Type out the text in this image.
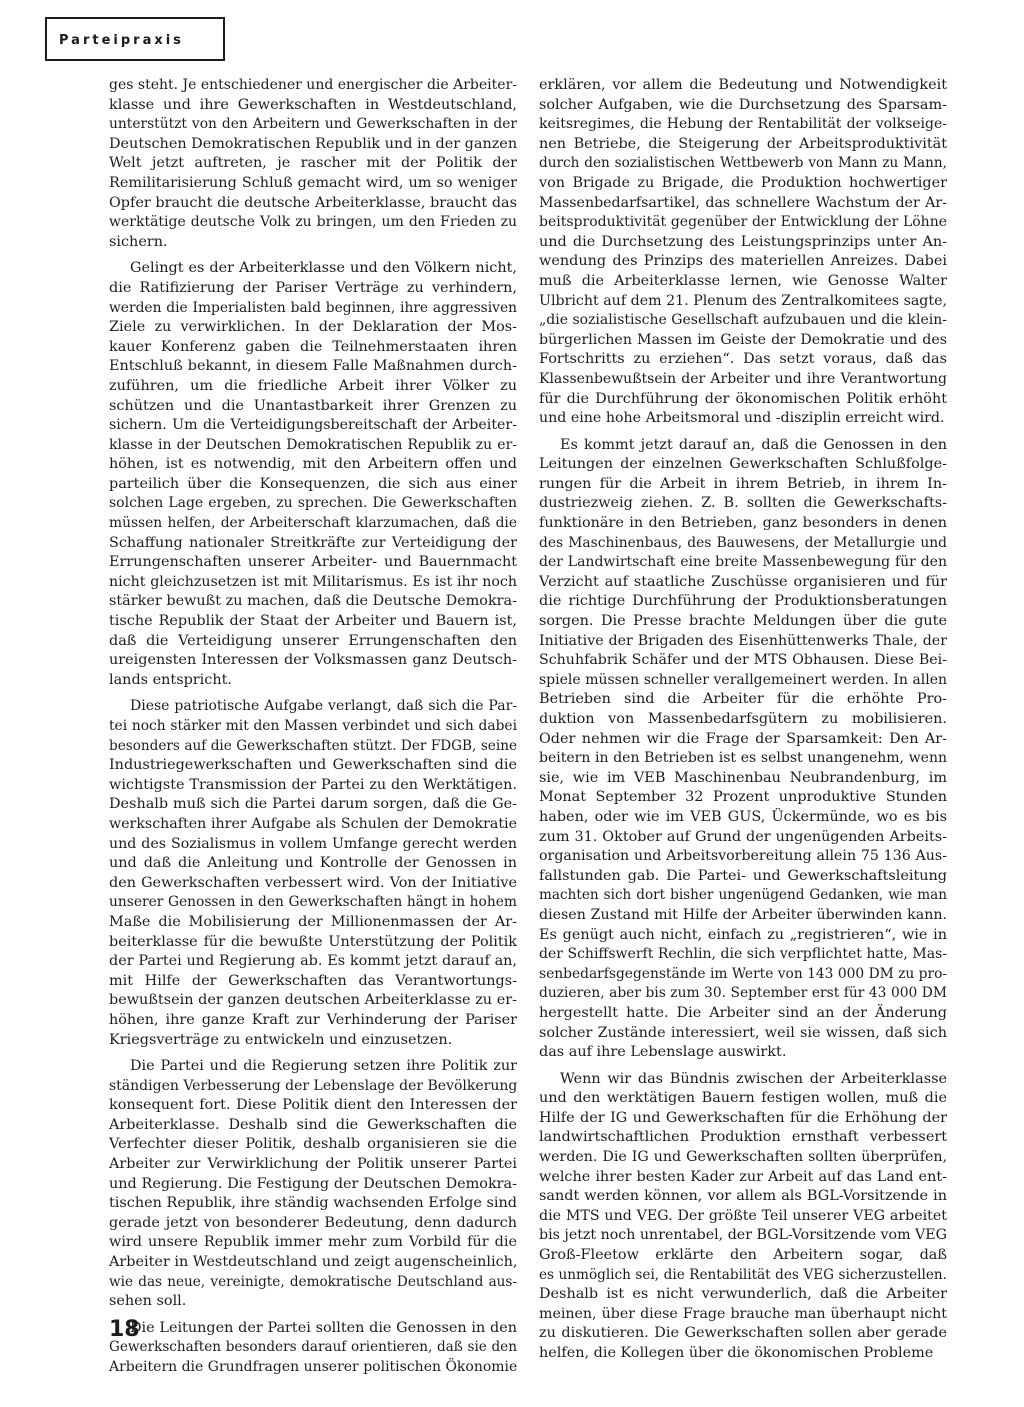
Parteipraxis

ges steht. Je entschiedener und energischer die Arbeiter-
klasse und ihre Gewerkschaften in Westdeutschland,
unterstützt von den Arbeitern und Gewerkschaften in der
Deutschen Demokratischen Republik und in der ganzen
Welt jetzt auftreten, je rascher mit der Politik der
Remilitarisierung Schluß gemacht wird, um so weniger
Opfer braucht die deutsche Arbeiterklasse, braucht das
werktätige deutsche Volk zu bringen, um den Frieden zu
sichern.

Gelingt es der Arbeiterklasse und den Völkern nicht,
die Ratifizierung der Pariser Verträge zu verhindern,
werden die Imperialisten bald beginnen, ihre aggressiven
Ziele zu verwirklichen. In der Deklaration der Mos-
kauer Konferenz gaben die Teilnehmerstaaten ihren
Entschluß bekannt, in diesem Falle Maßnahmen durch-
zuführen, um die friedliche Arbeit ihrer Völker zu
schützen und die Unantastbarkeit ihrer Grenzen zu
sichern. Um die Verteidigungsbereitschaft der Arbeiter-
klasse in der Deutschen Demokratischen Republik zu er-
höhen, ist es notwendig, mit den Arbeitern offen und
parteilich über die Konsequenzen, die sich aus einer
solchen Lage ergeben, zu sprechen. Die Gewerkschaften
müssen helfen, der Arbeiterschaft klarzumachen, daß die
Schaffung nationaler Streitkräfte zur Verteidigung der
Errungenschaften unserer Arbeiter- und Bauernmacht
nicht gleichzusetzen ist mit Militarismus. Es ist ihr noch
stärker bewußt zu machen, daß die Deutsche Demokra-
tische Republik der Staat der Arbeiter und Bauern ist,
daß die Verteidigung unserer Errungenschaften den
ureigensten Interessen der Volksmassen ganz Deutsch-
lands entspricht.

Diese patriotische Aufgabe verlangt, daß sich die Par-
tei noch stärker mit den Massen verbindet und sich dabei
besonders auf die Gewerkschaften stützt. Der FDGB, seine
Industriegewerkschaften und Gewerkschaften sind die
wichtigste Transmission der Partei zu den Werktätigen.
Deshalb muß sich die Partei darum sorgen, daß die Ge-
werkschaften ihrer Aufgabe als Schulen der Demokratie
und des Sozialismus in vollem Umfange gerecht werden
und daß die Anleitung und Kontrolle der Genossen in
den Gewerkschaften verbessert wird. Von der Initiative
unserer Genossen in den Gewerkschaften hängt in hohem
Maße die Mobilisierung der Millionenmassen der Ar-
beiterklasse für die bewußte Unterstützung der Politik
der Partei und Regierung ab. Es kommt jetzt darauf an,
mit Hilfe der Gewerkschaften das Verantwortungs-
bewußtsein der ganzen deutschen Arbeiterklasse zu er-
höhen, ihre ganze Kraft zur Verhinderung der Pariser
Kriegsverträge zu entwickeln und einzusetzen.

Die Partei und die Regierung setzen ihre Politik zur
ständigen Verbesserung der Lebenslage der Bevölkerung
konsequent fort. Diese Politik dient den Interessen der
Arbeiterklasse. Deshalb sind die Gewerkschaften die
Verfechter dieser Politik, deshalb organisieren sie die
Arbeiter zur Verwirklichung der Politik unserer Partei
und Regierung. Die Festigung der Deutschen Demokra-
tischen Republik, ihre ständig wachsenden Erfolge sind
gerade jetzt von besonderer Bedeutung, denn dadurch
wird unsere Republik immer mehr zum Vorbild für die
Arbeiter in Westdeutschland und zeigt augenscheinlich,
wie das neue, vereinigte, demokratische Deutschland aus-
sehen soll.

Die Leitungen der Partei sollten die Genossen in den
Gewerkschaften besonders darauf orientieren, daß sie den
Arbeitern die Grundfragen unserer politischen Ökonomie

erklären, vor allem die Bedeutung und Notwendigkeit
solcher Aufgaben, wie die Durchsetzung des Sparsam-
keitsregimes, die Hebung der Rentabilität der volkseige-
nen Betriebe, die Steigerung der Arbeitsproduktivität
durch den sozialistischen Wettbewerb von Mann zu Mann,
von Brigade zu Brigade, die Produktion hochwertiger
Massenbedarfsartikel, das schnellere Wachstum der Ar-
beitsproduktivität gegenüber der Entwicklung der Löhne
und die Durchsetzung des Leistungsprinzips unter An-
wendung des Prinzips des materiellen Anreizes. Dabei
muß die Arbeiterklasse lernen, wie Genosse Walter
Ulbricht auf dem 21. Plenum des Zentralkomitees sagte,
„die sozialistische Gesellschaft aufzubauen und die klein-
bürgerlichen Massen im Geiste der Demokratie und des
Fortschritts zu erziehen“. Das setzt voraus, daß das
Klassenbewußtsein der Arbeiter und ihre Verantwortung
für die Durchführung der ökonomischen Politik erhöht
und eine hohe Arbeitsmoral und -disziplin erreicht wird.

Es kommt jetzt darauf an, daß die Genossen in den
Leitungen der einzelnen Gewerkschaften Schlußfolge-
rungen für die Arbeit in ihrem Betrieb, in ihrem In-
dustriezweig ziehen. Z. B. sollten die Gewerkschafts-
funktionäre in den Betrieben, ganz besonders in denen
des Maschinenbaus, des Bauwesens, der Metallurgie und
der Landwirtschaft eine breite Massenbewegung für den
Verzicht auf staatliche Zuschüsse organisieren und für
die richtige Durchführung der Produktionsberatungen
sorgen. Die Presse brachte Meldungen über die gute
Initiative der Brigaden des Eisenhüttenwerks Thale, der
Schuhfabrik Schäfer und der MTS Obhausen. Diese Bei-
spiele müssen schneller verallgemeinert werden. In allen
Betrieben sind die Arbeiter für die erhöhte Pro-
duktion von Massenbedarfsgütern zu mobilisieren.
Oder nehmen wir die Frage der Sparsamkeit: Den Ar-
beitern in den Betrieben ist es selbst unangenehm, wenn
sie, wie im VEB Maschinenbau Neubrandenburg, im
Monat September 32 Prozent unproduktive Stunden
haben, oder wie im VEB GUS, Ückermünde, wo es bis
zum 31. Oktober auf Grund der ungenügenden Arbeits-
organisation und Arbeitsvorbereitung allein 75 136 Aus-
fallstunden gab. Die Partei- und Gewerkschaftsleitung
machten sich dort bisher ungenügend Gedanken, wie man
diesen Zustand mit Hilfe der Arbeiter überwinden kann.
Es genügt auch nicht, einfach zu „registrieren“, wie in
der Schiffswerft Rechlin, die sich verpflichtet hatte, Mas-
senbedarfsgegenstände im Werte von 143 000 DM zu pro-
duzieren, aber bis zum 30. September erst für 43 000 DM
hergestellt hatte. Die Arbeiter sind an der Änderung
solcher Zustände interessiert, weil sie wissen, daß sich
das auf ihre Lebenslage auswirkt.

Wenn wir das Bündnis zwischen der Arbeiterklasse
und den werktätigen Bauern festigen wollen, muß die
Hilfe der IG und Gewerkschaften für die Erhöhung der
landwirtschaftlichen Produktion ernsthaft verbessert
werden. Die IG und Gewerkschaften sollten überprüfen,
welche ihrer besten Kader zur Arbeit auf das Land ent-
sandt werden können, vor allem als BGL-Vorsitzende in
die MTS und VEG. Der größte Teil unserer VEG arbeitet
bis jetzt noch unrentabel, der BGL-Vorsitzende vom VEG
Groß-Fleetow erklärte den Arbeitern sogar, daß
es unmöglich sei, die Rentabilität des VEG sicherzustellen.
Deshalb ist es nicht verwunderlich, daß die Arbeiter
meinen, über diese Frage brauche man überhaupt nicht
zu diskutieren. Die Gewerkschaften sollen aber gerade
helfen, die Kollegen über die ökonomischen Probleme

18
